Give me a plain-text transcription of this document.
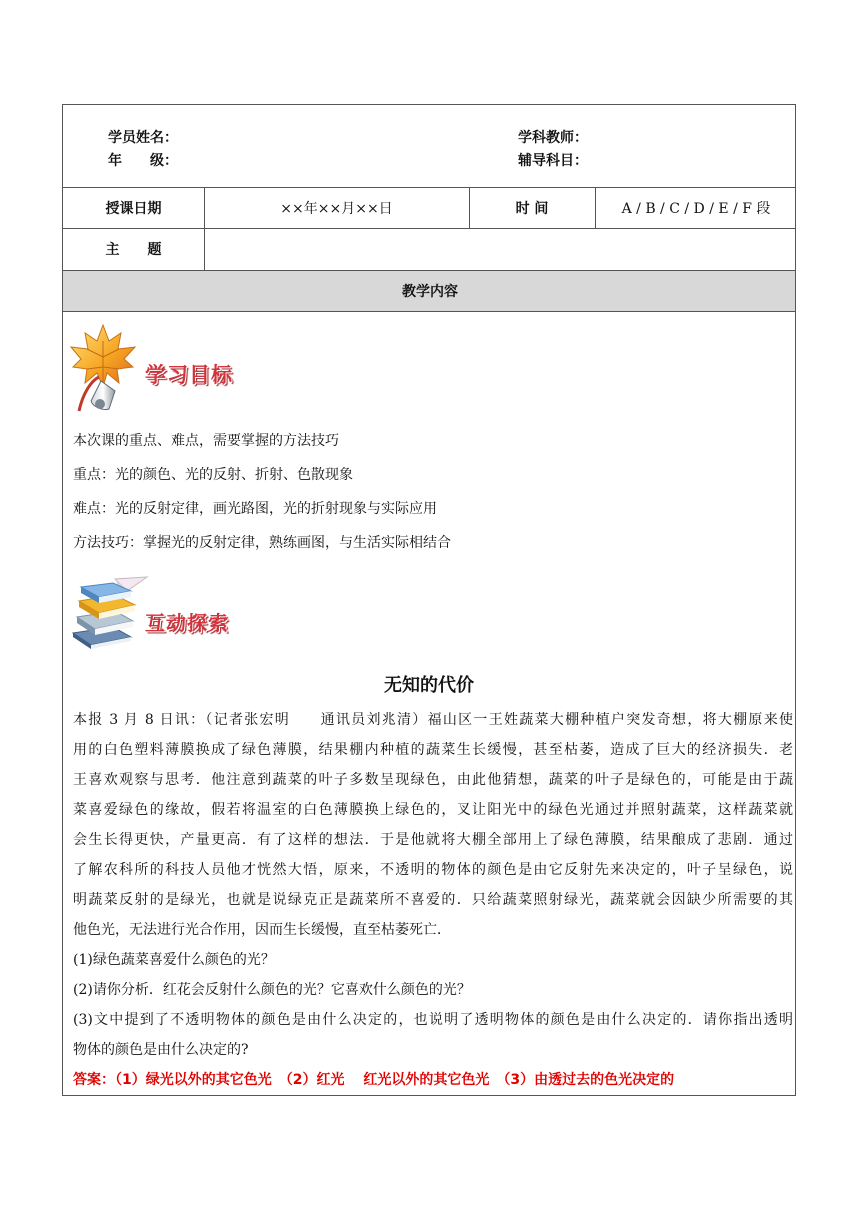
学员姓名：
年　　级：
学科教师：
辅导科目：
授课日期	××年××月××日	时 间	A / B / C / D / E / F 段
主　　题
教学内容
学习目标
本次课的重点、难点，需要掌握的方法技巧
重点：光的颜色、光的反射、折射、色散现象
难点：光的反射定律，画光路图，光的折射现象与实际应用
方法技巧：掌握光的反射定律，熟练画图，与生活实际相结合
互动探索
无知的代价
本报 3 月 8 日讯：（记者张宏明　　通讯员刘兆清）福山区一王姓蔬菜大棚种植户突发奇想，将大棚原来使
用的白色塑料薄膜换成了绿色薄膜，结果棚内种植的蔬菜生长缓慢，甚至枯萎，造成了巨大的经济损失．老
王喜欢观察与思考．他注意到蔬菜的叶子多数呈现绿色，由此他猜想，蔬菜的叶子是绿色的，可能是由于蔬
菜喜爱绿色的缘故，假若将温室的白色薄膜换上绿色的，叉让阳光中的绿色光通过并照射蔬菜，这样蔬菜就
会生长得更快，产量更高．有了这样的想法．于是他就将大棚全部用上了绿色薄膜，结果酿成了悲剧．通过
了解农科所的科技人员他才恍然大悟，原来，不透明的物体的颜色是由它反射先来决定的，叶子呈绿色，说
明蔬菜反射的是绿光，也就是说绿克正是蔬菜所不喜爱的．只给蔬菜照射绿光，蔬菜就会因缺少所需要的其
他色光，无法进行光合作用，因而生长缓慢，直至枯萎死亡．
(1)绿色蔬菜喜爱什么颜色的光？
(2)请你分析．红花会反射什么颜色的光？它喜欢什么颜色的光？
(3)文中提到了不透明物体的颜色是由什么决定的，也说明了透明物体的颜色是由什么决定的．请你指出透明
物体的颜色是由什么决定的?
答案：（1）绿光以外的其它色光　（2）红光　 红光以外的其它色光　（3）由透过去的色光决定的
